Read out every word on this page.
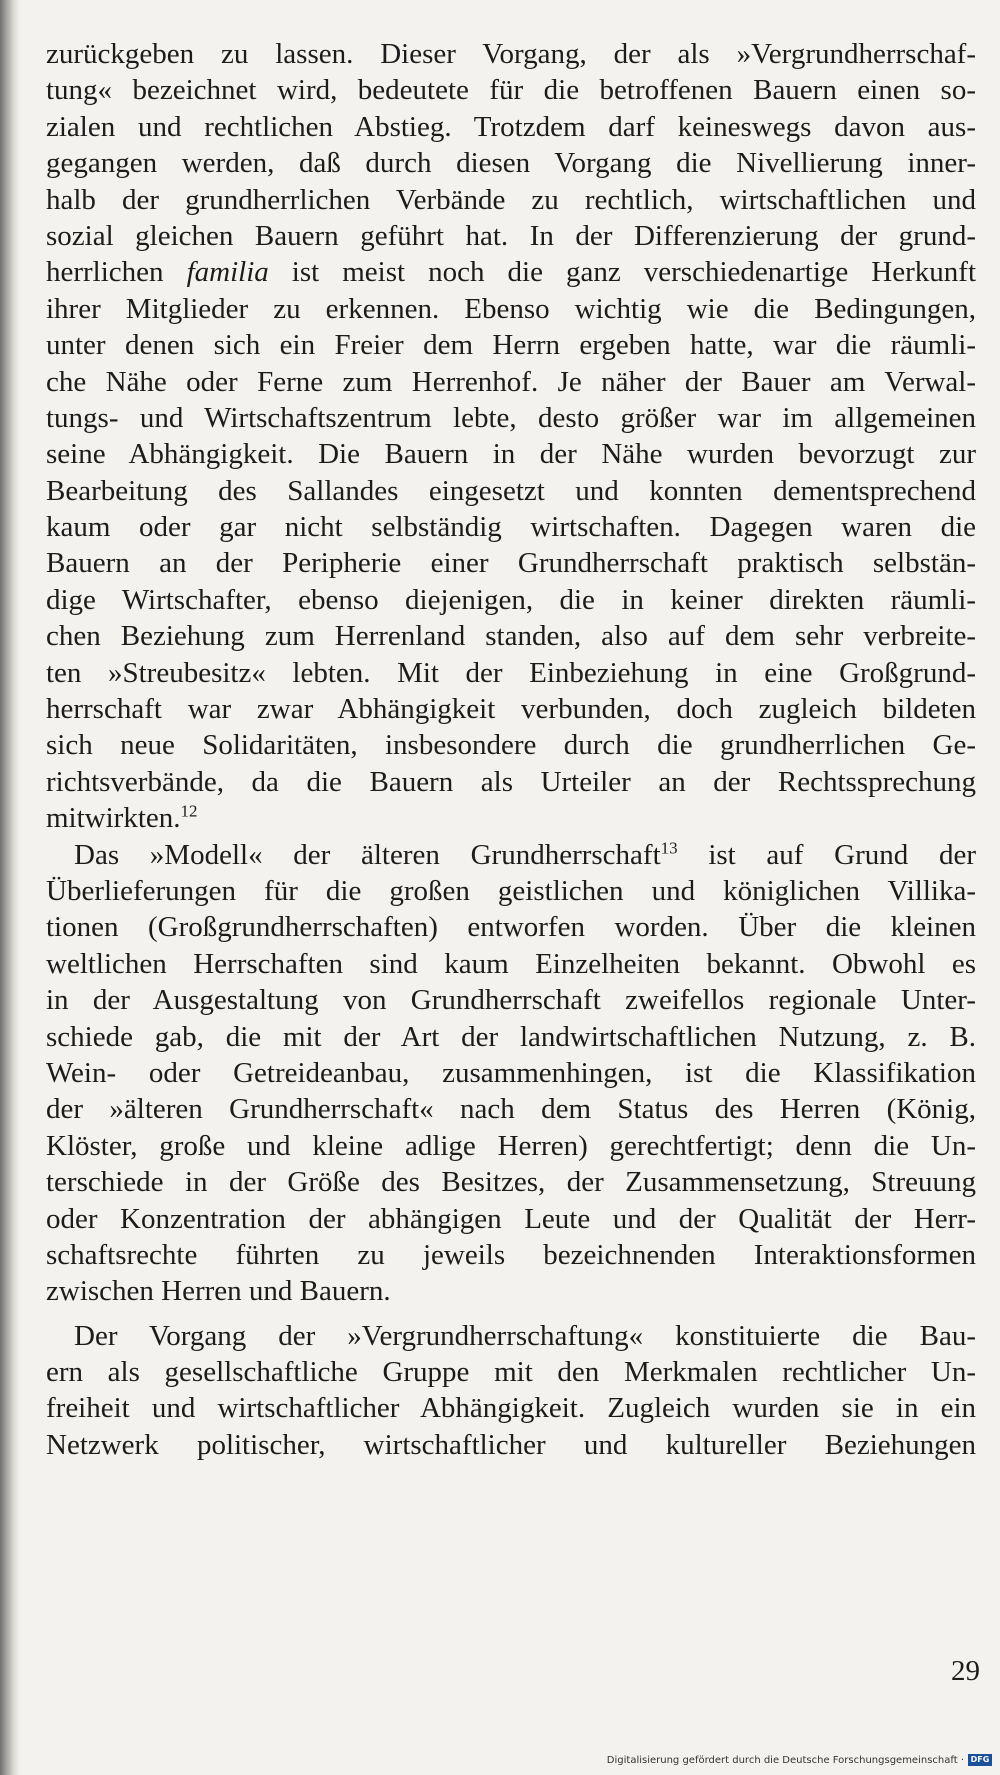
zurückgeben zu lassen. Dieser Vorgang, der als »Vergrundherrschaf-
tung« bezeichnet wird, bedeutete für die betroffenen Bauern einen so-
zialen und rechtlichen Abstieg. Trotzdem darf keineswegs davon aus-
gegangen werden, daß durch diesen Vorgang die Nivellierung inner-
halb der grundherrlichen Verbände zu rechtlich, wirtschaftlichen und
sozial gleichen Bauern geführt hat. In der Differenzierung der grund-
herrlichen familia ist meist noch die ganz verschiedenartige Herkunft
ihrer Mitglieder zu erkennen. Ebenso wichtig wie die Bedingungen,
unter denen sich ein Freier dem Herrn ergeben hatte, war die räumli-
che Nähe oder Ferne zum Herrenhof. Je näher der Bauer am Verwal-
tungs- und Wirtschaftszentrum lebte, desto größer war im allgemeinen
seine Abhängigkeit. Die Bauern in der Nähe wurden bevorzugt zur
Bearbeitung des Sallandes eingesetzt und konnten dementsprechend
kaum oder gar nicht selbständig wirtschaften. Dagegen waren die
Bauern an der Peripherie einer Grundherrschaft praktisch selbstän-
dige Wirtschafter, ebenso diejenigen, die in keiner direkten räumli-
chen Beziehung zum Herrenland standen, also auf dem sehr verbreite-
ten »Streubesitz« lebten. Mit der Einbeziehung in eine Großgrund-
herrschaft war zwar Abhängigkeit verbunden, doch zugleich bildeten
sich neue Solidaritäten, insbesondere durch die grundherrlichen Ge-
richtsverbände, da die Bauern als Urteiler an der Rechtssprechung
mitwirkten.$^{12}$
Das »Modell« der älteren Grundherrschaft$^{13}$ ist auf Grund der
Überlieferungen für die großen geistlichen und königlichen Villika-
tionen (Großgrundherrschaften) entworfen worden. Über die kleinen
weltlichen Herrschaften sind kaum Einzelheiten bekannt. Obwohl es
in der Ausgestaltung von Grundherrschaft zweifellos regionale Unter-
schiede gab, die mit der Art der landwirtschaftlichen Nutzung, z. B.
Wein- oder Getreideanbau, zusammenhingen, ist die Klassifikation
der »älteren Grundherrschaft« nach dem Status des Herren (König,
Klöster, große und kleine adlige Herren) gerechtfertigt; denn die Un-
terschiede in der Größe des Besitzes, der Zusammensetzung, Streuung
oder Konzentration der abhängigen Leute und der Qualität der Herr-
schaftsrechte führten zu jeweils bezeichnenden Interaktionsformen
zwischen Herren und Bauern.
Der Vorgang der »Vergrundherrschaftung« konstituierte die Bau-
ern als gesellschaftliche Gruppe mit den Merkmalen rechtlicher Un-
freiheit und wirtschaftlicher Abhängigkeit. Zugleich wurden sie in ein
Netzwerk politischer, wirtschaftlicher und kultureller Beziehungen
29
Digitalisierung gefördert durch die Deutsche Forschungsgemeinschaft · DFG
